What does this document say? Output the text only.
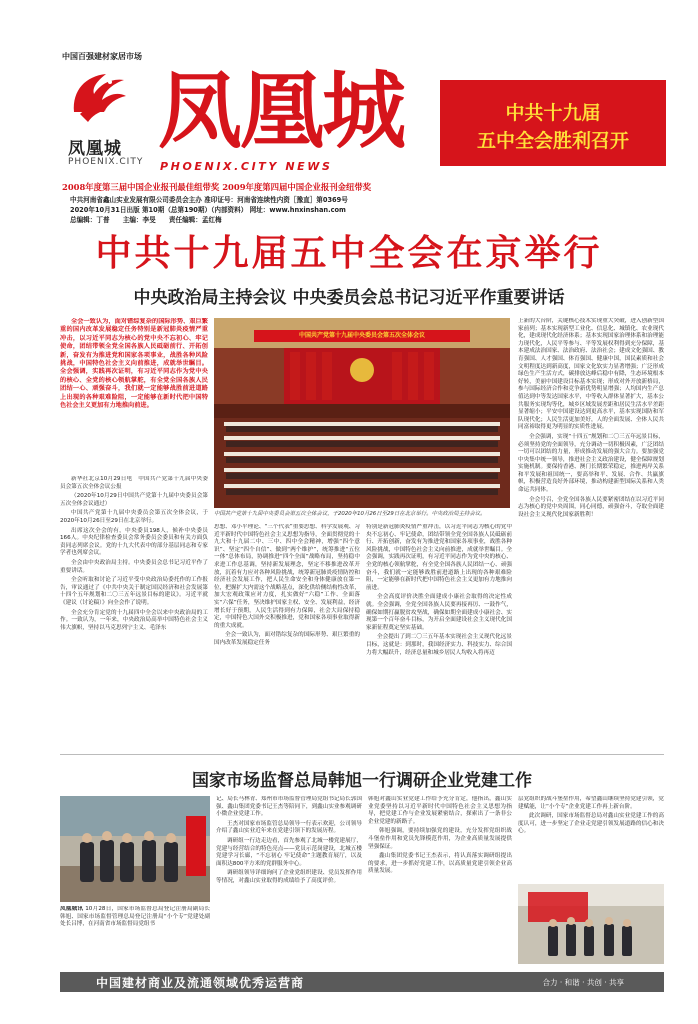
中国百强建材家居市场
凤凰城
PHOENIX.CITY
凤凰城
PHOENIX.CITY NEWS
中共十九届
五中全会胜利召开
2008年度第三届中国企业报刊最佳组带奖 2009年度第四届中国企业报刊金纽带奖
中共河南省鑫山实业发展有限公司委员会主办 准印证号：河南省连续性内资［豫直］第0369号
2020年10月31日出版 第10期（总第190期）（内部资料） 网址：www.hnxinshan.com
总编辑：丁普　　主编：李旻　　责任编辑：孟红梅
中共十九届五中全会在京举行
中央政治局主持会议 中央委员会总书记习近平作重要讲话

全会一致认为，面对错综复杂的国际形势、艰巨繁重的国内改革发展稳定任务特别是新冠肺炎疫情严重冲击，以习近平同志为核心的党中央不忘初心、牢记使命，团结带领全党全国各族人民砥砺前行、开拓创新，奋发有为推进党和国家各项事业，战胜各种风险挑战，中国特色社会主义向前推进，成就举世瞩目。全会强调，实践再次证明，有习近平同志作为党中央的核心、全党的核心领航掌舵，有全党全国各族人民团结一心、顽强奋斗，我们就一定能够战胜前进道路上出现的各种艰难险阻，一定能够在新时代把中国特色社会主义更加有力地推向前进。

新华社北京10月29日电　中国共产党第十九届中央委员会第五次全体会议公报

（2020年10月29日中国共产党第十九届中央委员会第五次全体会议通过）

中国共产党第十九届中央委员会第五次全体会议，于2020年10月26日至29日在北京举行。

出席这次全会的有，中央委员198人，候补中央委员166人。中央纪律检查委员会常务委员会委员和有关方面负责同志列席会议。党的十九大代表中的部分基层同志和专家学者也列席会议。

全会由中央政治局主持。中央委员会总书记习近平作了重要讲话。

全会听取和讨论了习近平受中央政治局委托作的工作报告，审议通过了《中共中央关于制定国民经济和社会发展第十四个五年规划和二〇三五年远景目标的建议》。习近平就《建议（讨论稿）》向全会作了说明。

全会充分肯定党的十九届四中全会以来中央政治局的工作。一致认为，一年来，中央政治局高举中国特色社会主义伟大旗帜，坚持以马克思列宁主义、毛泽东

中国共产党第十九届中央委员会第五次全体会议
中国共产党第十九届中央委员会第五次全体会议，于2020年10月26日至29日在北京举行。中央政治局主持会议。

思想、邓小平理论、“三个代表”重要思想、科学发展观、习近平新时代中国特色社会主义思想为指导，全面贯彻党的十九大和十九届二中、三中、四中全会精神，增强“四个意识”、坚定“四个自信”、做到“两个维护”，统筹推进“五位一体”总体布局，协调推进“四个全面”战略布局，坚持稳中求进工作总基调，坚持新发展理念，坚定不移推进改革开放，沉着有力应对各种风险挑战，统筹新冠肺炎疫情防控和经济社会发展工作，把人民生命安全和身体健康放在第一位，把握扩大内需这个战略基点，深化供给侧结构性改革，加大宏观政策应对力度，扎实做好“六稳”工作、全面落实“六保”任务，坚决维护国家主权、安全、发展利益，经济增长好于预期，人民生活得到有力保障，社会大局保持稳定，中国特色大国外交积极推进，党和国家各项事业取得新的重大成就。

全会一致认为，面对错综复杂的国际形势、艰巨繁重的国内改革发展稳定任务

特别是新冠肺炎疫情严重冲击，以习近平同志为核心的党中央不忘初心、牢记使命，团结带领全党全国各族人民砥砺前行、开拓创新，奋发有为推进党和国家各项事业，战胜各种风险挑战，中国特色社会主义向前推进，成就举世瞩目。全会强调，实践再次证明，有习近平同志作为党中央的核心、全党的核心领航掌舵，有全党全国各族人民团结一心、顽强奋斗，我们就一定能够战胜前进道路上出现的各种艰难险阻，一定能够在新时代把中国特色社会主义更加有力地推向前进。

全会高度评价决胜全面建成小康社会取得的决定性成就。全会强调，全党全国各族人民要再接再厉、一鼓作气，确保如期打赢脱贫攻坚战，确保如期全面建成小康社会、实现第一个百年奋斗目标，为开启全面建设社会主义现代化国家新征程奠定坚实基础。

全会提出了到二〇三五年基本实现社会主义现代化远景目标，这就是：到那时，我国经济实力、科技实力、综合国力将大幅跃升，经济总量和城乡居民人均收入将再迈

上新的大台阶，关键核心技术实现重大突破，进入创新型国家前列；基本实现新型工业化、信息化、城镇化、农业现代化，建成现代化经济体系；基本实现国家治理体系和治理能力现代化，人民平等参与、平等发展权利得到充分保障，基本建成法治国家、法治政府、法治社会；建成文化强国、教育强国、人才强国、体育强国、健康中国，国民素质和社会文明程度达到新高度，国家文化软实力显著增强；广泛形成绿色生产生活方式，碳排放达峰后稳中有降，生态环境根本好转，美丽中国建设目标基本实现；形成对外开放新格局，参与国际经济合作和竞争新优势明显增强；人均国内生产总值达到中等发达国家水平，中等收入群体显著扩大，基本公共服务实现均等化，城乡区域发展差距和居民生活水平差距显著缩小；平安中国建设达到更高水平，基本实现国防和军队现代化；人民生活更加美好，人的全面发展、全体人民共同富裕取得更为明显的实质性进展。

全会强调，实现“十四五”规划和二〇三五年远景目标，必须坚持党的全面领导，充分调动一切积极因素，广泛团结一切可以团结的力量，形成推动发展的强大合力。要加强党中央集中统一领导，推进社会主义政治建设，健全保障规划实施机制。要保持香港、澳门长期繁荣稳定，推进两岸关系和平发展和祖国统一，要高举和平、发展、合作、共赢旗帜，积极营造良好外部环境，推动构建新型国际关系和人类命运共同体。

全会号召，全党全国各族人民要紧密团结在以习近平同志为核心的党中央周围，同心同德，顽强奋斗，夺取全面建设社会主义现代化国家新胜利！

国家市场监督总局韩旭一行调研企业党建工作

凤凰城讯 10月28日，国家市场监督总局登记注册局副局长韩旭、国家市场监督管理总局登记注册局“小个专”党建处副处长吕博，在河南省市场监督局党组书

记、局长马林青、郑州市市场监督管理局党组书记局长郭国强、鑫山集团党委书记王杰等陪同下，到鑫山实业参观调研小微企业党建工作。

王杰对国家市场监管总局领导一行表示欢迎，公司领导介绍了鑫山实业近年来在党建引领下的发展历程。

调研组一行边走边看，首先参观了北城一楼党建展厅，党建与经营结合的特色亮点——党员示范岗建设，北城五楼党建学习长廊，“不忘初心 牢记使命”主题教育展厅，以及面积达800平方米的党群服务中心。

调研组领导详细询问了企业党组织建设、党员发挥作用等情况，对鑫山实业取得的成绩给予了高度评价。

韩旭对鑫山实业党建工作给予充分肯定，他指出，鑫山实业党委坚持以习近平新时代中国特色社会主义思想为指导，把党建工作与企业发展紧密结合，探索出了一条非公企业党建的新路子。

韩旭强调，要持续加强党的建设，充分发挥党组织战斗堡垒作用和党员先锋模范作用，为企业高质量发展提供坚强保证。

鑫山集团党委书记王杰表示，将认真落实调研组提出的要求，进一步抓好党建工作，以高质量党建引领企业高质量发展。

层党组织的战斗堡垒作用，希望鑫山继续坚持党建引领，党建赋能，让“小个专”企业党建工作再上新台阶。

此次调研，国家市场监督总局对鑫山实业党建工作的高度认可，进一步坚定了企业走党建引领发展道路的信心和决心。

中国建材商业及流通领域优秀运营商	合力 · 和谐 · 共创 · 共享
